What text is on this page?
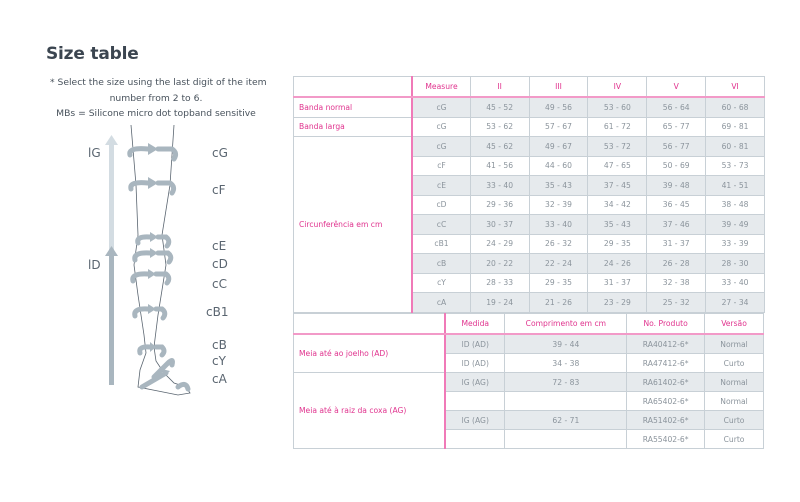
Size table
* Select the size using the last digit of the item
number from 2 to 6.
MBs = Silicone micro dot topband sensitive
lG
lD
cG
cF
cE
cD
cC
cB1
cB
cY
cA
	Measure	II	III	IV	V	VI
Banda normal	cG	45 - 52	49 - 56	53 - 60	56 - 64	60 - 68
Banda larga	cG	53 - 62	57 - 67	61 - 72	65 - 77	69 - 81
Circunferência em cm	cG	45 - 62	49 - 67	53 - 72	56 - 77	60 - 81
	cF	41 - 56	44 - 60	47 - 65	50 - 69	53 - 73
	cE	33 - 40	35 - 43	37 - 45	39 - 48	41 - 51
	cD	29 - 36	32 - 39	34 - 42	36 - 45	38 - 48
	cC	30 - 37	33 - 40	35 - 43	37 - 46	39 - 49
	cB1	24 - 29	26 - 32	29 - 35	31 - 37	33 - 39
	cB	20 - 22	22 - 24	24 - 26	26 - 28	28 - 30
	cY	28 - 33	29 - 35	31 - 37	32 - 38	33 - 40
	cA	19 - 24	21 - 26	23 - 29	25 - 32	27 - 34
	Medida	Comprimento em cm	No. Produto	Versão
Meia até ao joelho (AD)	lD (AD)	39 - 44	RA40412-6*	Normal
	lD (AD)	34 - 38	RA47412-6*	Curto
Meia até à raiz da coxa (AG)	lG (AG)	72 - 83	RA61402-6*	Normal
			RA65402-6*	Normal
	lG (AG)	62 - 71	RA51402-6*	Curto
			RA55402-6*	Curto
